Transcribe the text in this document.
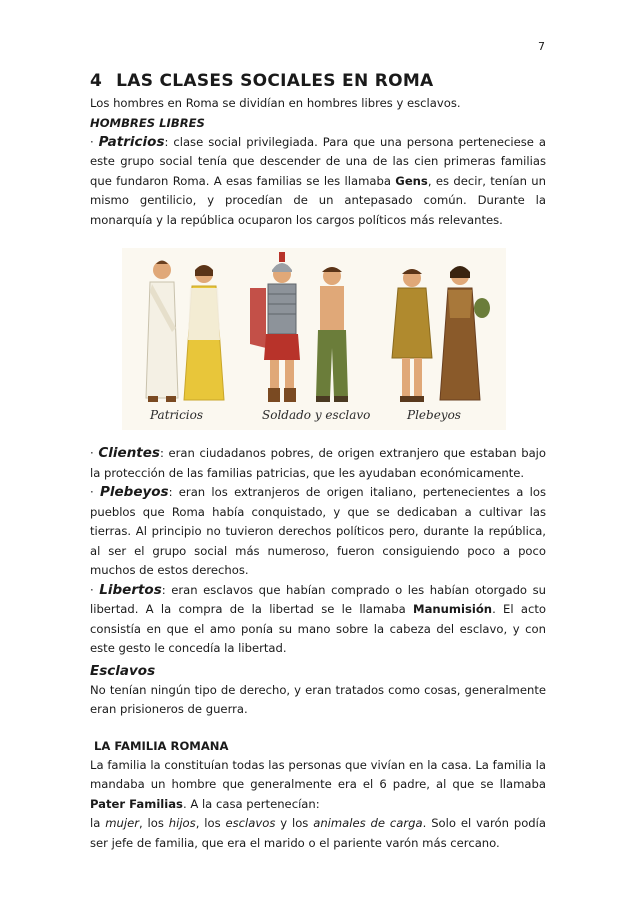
7
4 LAS CLASES SOCIALES EN ROMA

Los hombres en Roma se dividían en hombres libres y esclavos.

HOMBRES LIBRES

· Patricios: clase social privilegiada. Para que una persona perteneciese a este grupo social tenía que descender de una de las cien primeras familias que fundaron Roma. A esas familias se les llamaba Gens, es decir, tenían un mismo gentilicio, y procedían de un antepasado común. Durante la monarquía y la república ocuparon los cargos políticos más relevantes.

Patricios	Soldado y esclavo	Plebeyos

· Clientes: eran ciudadanos pobres, de origen extranjero que estaban bajo la protección de las familias patricias, que les ayudaban económicamente.

· Plebeyos: eran los extranjeros de origen italiano, pertenecientes a los pueblos que Roma había conquistado, y que se dedicaban a cultivar las tierras. Al principio no tuvieron derechos políticos pero, durante la república, al ser el grupo social más numeroso, fueron consiguiendo poco a poco muchos de estos derechos.

· Libertos: eran esclavos que habían comprado o les habían otorgado su libertad. A la compra de la libertad se le llamaba Manumisión. El acto consistía en que el amo ponía su mano sobre la cabeza del esclavo, y con este gesto le concedía la libertad.

Esclavos

No tenían ningún tipo de derecho, y eran tratados como cosas, generalmente eran prisioneros de guerra.

LA FAMILIA ROMANA

La familia la constituían todas las personas que vivían en la casa. La familia la mandaba un hombre que generalmente era el 6 padre, al que se llamaba Pater Familias. A la casa pertenecían:
la mujer, los hijos, los esclavos y los animales de carga. Solo el varón podía ser jefe de familia, que era el marido o el pariente varón más cercano.
